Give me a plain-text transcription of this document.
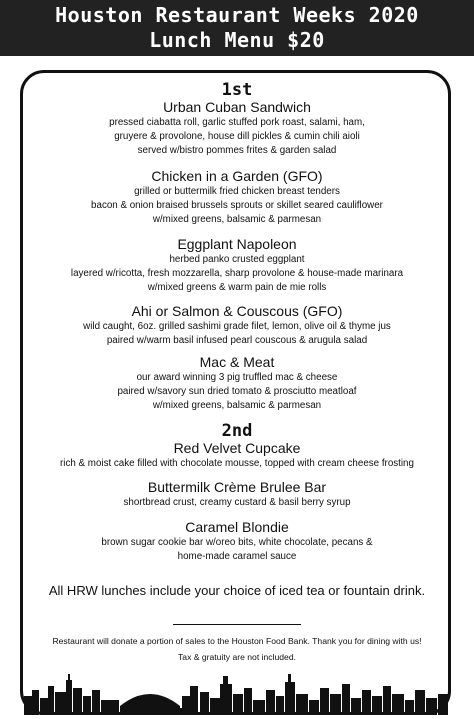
Houston Restaurant Weeks 2020
Lunch Menu $20
1st
Urban Cuban Sandwich
pressed ciabatta roll, garlic stuffed pork roast, salami, ham,
gruyere & provolone, house dill pickles & cumin chili aioli
served w/bistro pommes frites & garden salad
Chicken in a Garden (GFO)
grilled or buttermilk fried chicken breast tenders
bacon & onion braised brussels sprouts or skillet seared cauliflower
w/mixed greens, balsamic & parmesan
Eggplant Napoleon
herbed panko crusted eggplant
layered w/ricotta, fresh mozzarella, sharp provolone & house-made marinara
w/mixed greens & warm pain de mie rolls
Ahi or Salmon & Couscous (GFO)
wild caught, 6oz. grilled sashimi grade filet, lemon, olive oil & thyme jus
paired w/warm basil infused pearl couscous & arugula salad
Mac & Meat
our award winning 3 pig truffled mac & cheese
paired w/savory sun dried tomato & prosciutto meatloaf
w/mixed greens, balsamic & parmesan
2nd
Red Velvet Cupcake
rich & moist cake filled with chocolate mousse, topped with cream cheese frosting
Buttermilk Crème Brulee Bar
shortbread crust, creamy custard & basil berry syrup
Caramel Blondie
brown sugar cookie bar w/oreo bits, white chocolate, pecans &
home-made caramel sauce
All HRW lunches include your choice of iced tea or fountain drink.
Restaurant will donate a portion of sales to the Houston Food Bank. Thank you for dining with us!
Tax & gratuity are not included.
